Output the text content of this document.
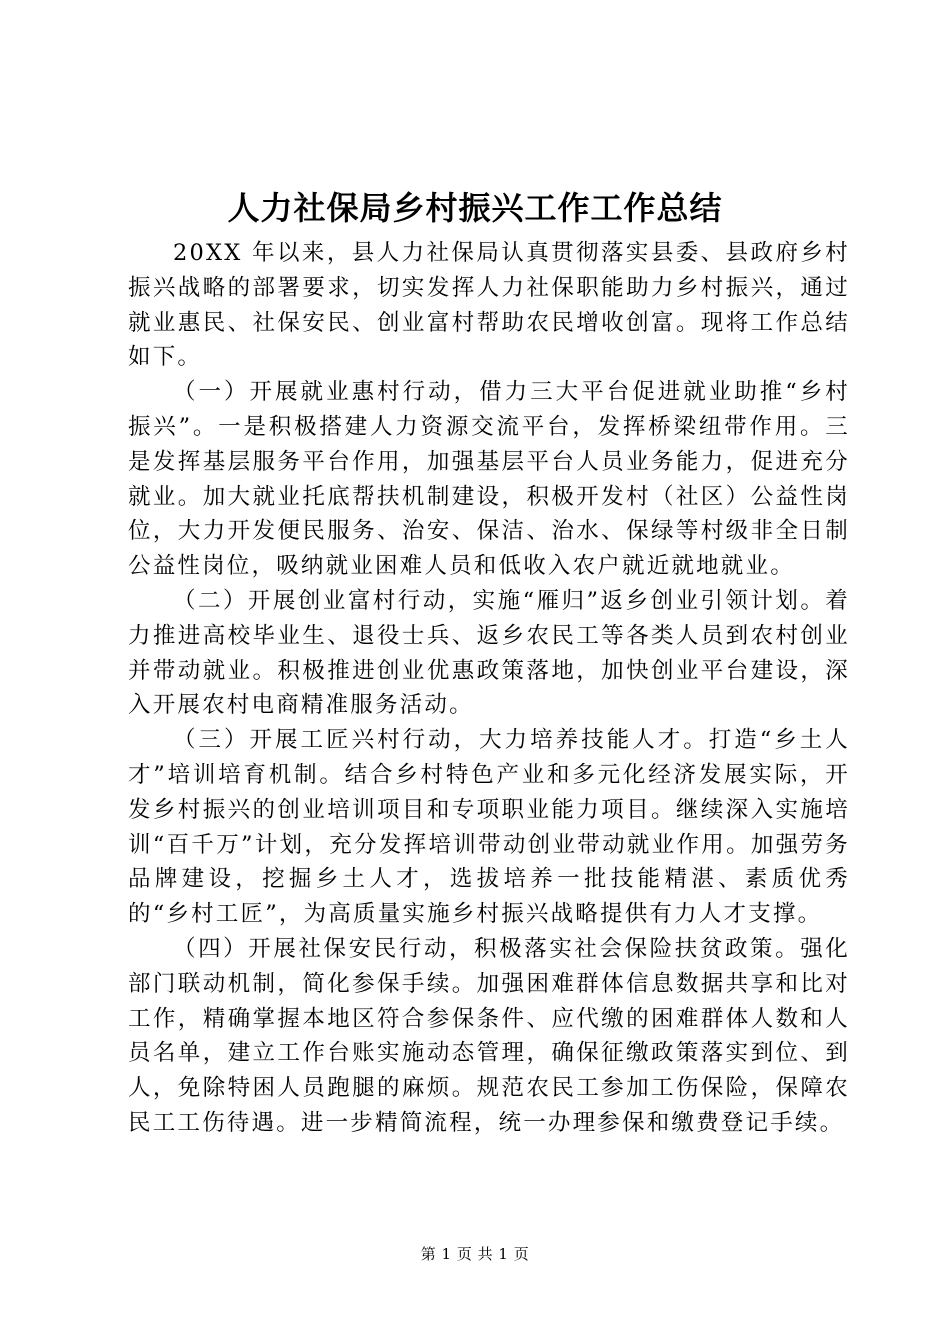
人力社保局乡村振兴工作工作总结

20XX 年以来，县人力社保局认真贯彻落实县委、县政府乡村振兴战略的部署要求，切实发挥人力社保职能助力乡村振兴，通过就业惠民、社保安民、创业富村帮助农民增收创富。现将工作总结如下。

（一）开展就业惠村行动，借力三大平台促进就业助推“乡村振兴”。一是积极搭建人力资源交流平台，发挥桥梁纽带作用。三是发挥基层服务平台作用，加强基层平台人员业务能力，促进充分就业。加大就业托底帮扶机制建设，积极开发村（社区）公益性岗位，大力开发便民服务、治安、保洁、治水、保绿等村级非全日制公益性岗位，吸纳就业困难人员和低收入农户就近就地就业。

（二）开展创业富村行动，实施“雁归”返乡创业引领计划。着力推进高校毕业生、退役士兵、返乡农民工等各类人员到农村创业并带动就业。积极推进创业优惠政策落地，加快创业平台建设，深入开展农村电商精准服务活动。

（三）开展工匠兴村行动，大力培养技能人才。打造“乡土人才”培训培育机制。结合乡村特色产业和多元化经济发展实际，开发乡村振兴的创业培训项目和专项职业能力项目。继续深入实施培训“百千万”计划，充分发挥培训带动创业带动就业作用。加强劳务品牌建设，挖掘乡土人才，选拔培养一批技能精湛、素质优秀的“乡村工匠”，为高质量实施乡村振兴战略提供有力人才支撑。

（四）开展社保安民行动，积极落实社会保险扶贫政策。强化部门联动机制，简化参保手续。加强困难群体信息数据共享和比对工作，精确掌握本地区符合参保条件、应代缴的困难群体人数和人员名单，建立工作台账实施动态管理，确保征缴政策落实到位、到人，免除特困人员跑腿的麻烦。规范农民工参加工伤保险，保障农民工工伤待遇。进一步精简流程，统一办理参保和缴费登记手续。

第 1 页 共 1 页
